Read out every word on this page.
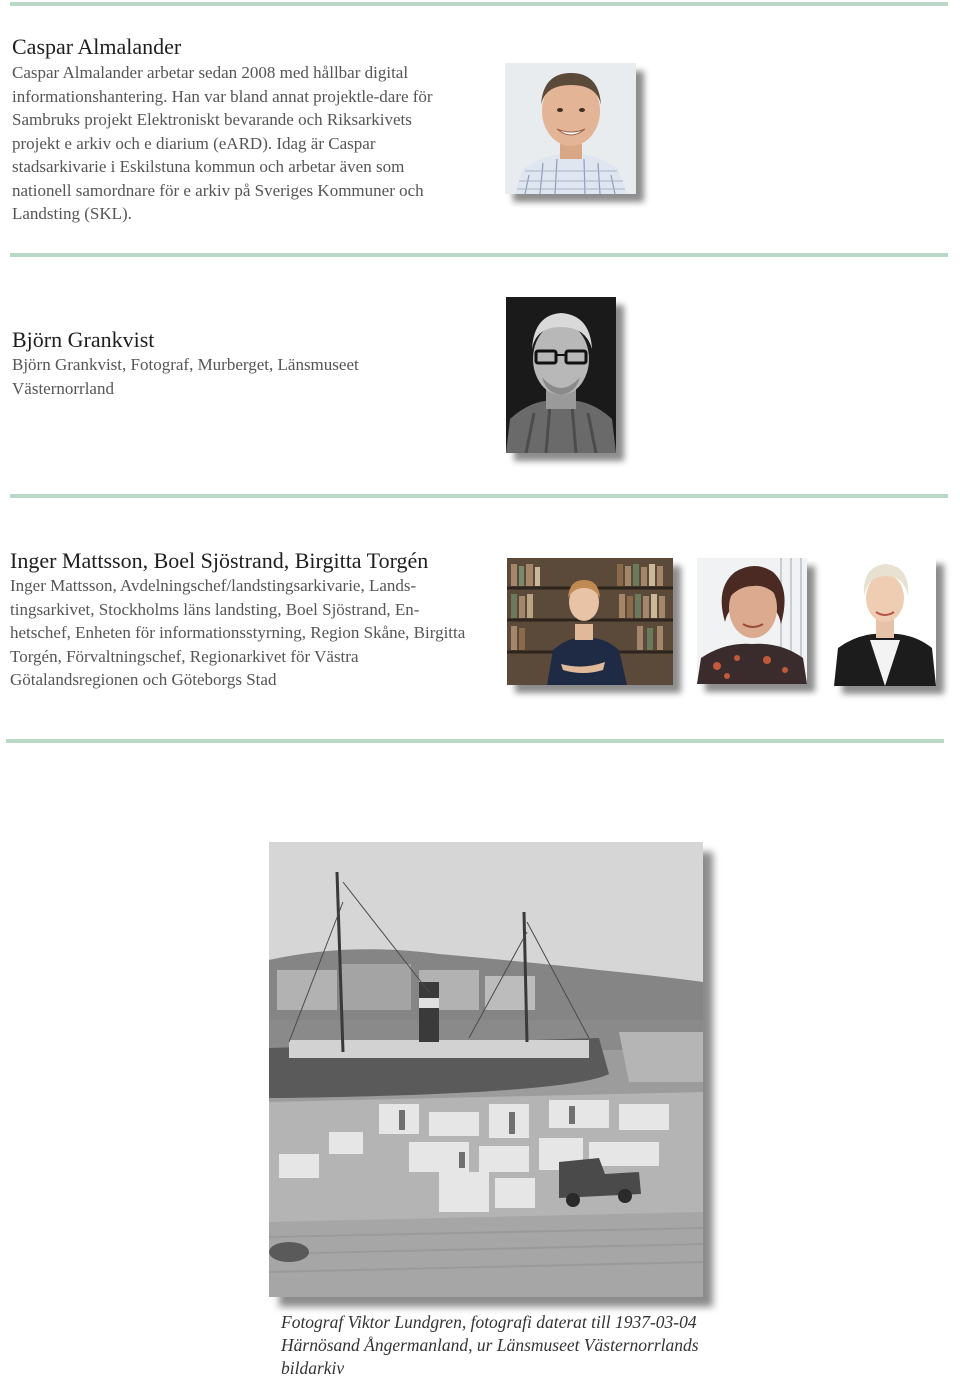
Caspar Almalander

Caspar Almalander arbetar sedan 2008 med hållbar digital informationshantering. Han var bland annat projektle-dare för Sambruks projekt Elektroniskt bevarande och Riksarkivets projekt e arkiv och e diarium (eARD). Idag är Caspar stadsarkivarie i Eskilstuna kommun och arbetar även som nationell samordnare för e arkiv på Sveriges Kommuner och Landsting (SKL).

Björn Grankvist

Björn Grankvist, Fotograf, Murberget, Länsmuseet Västernorrland

Inger Mattsson, Boel Sjöstrand, Birgitta Torgén

Inger Mattsson, Avdelningschef/landstingsarkivarie, Lands-tingsarkivet, Stockholms läns landsting, Boel Sjöstrand, En-hetschef, Enheten för informationsstyrning, Region Skåne, Birgitta Torgén, Förvaltningschef, Regionarkivet för Västra Götalandsregionen och Göteborgs Stad

Fotograf Viktor Lundgren, fotografi daterat till 1937-03-04
Härnösand Ångermanland, ur Länsmuseet Västernorrlands
bildarkiv
